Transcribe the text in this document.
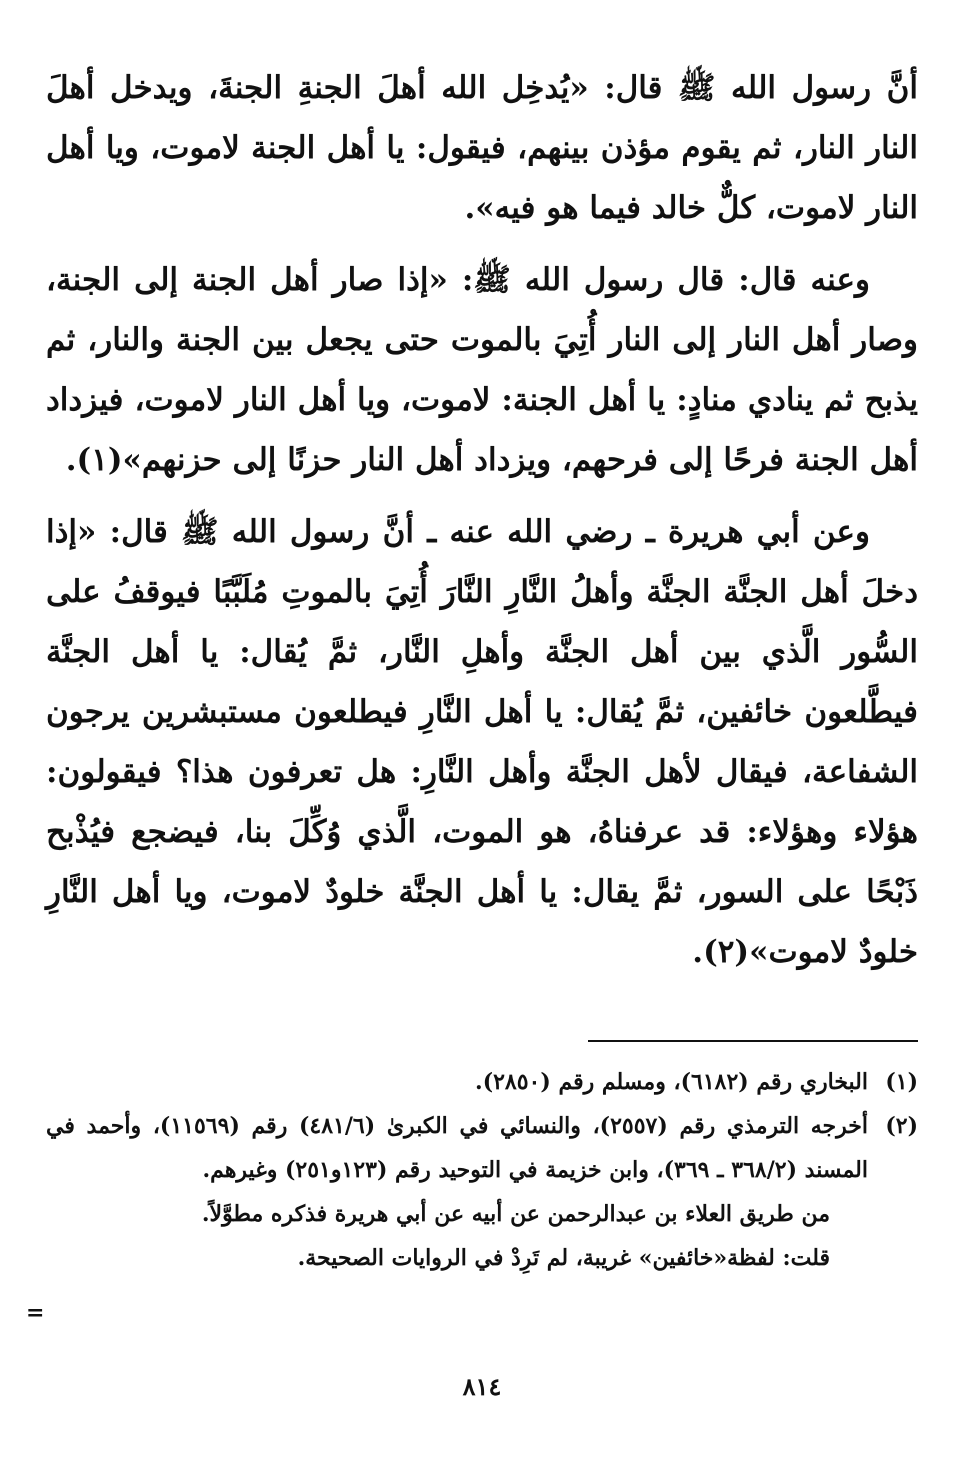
أنَّ رسول الله ﷺ قال: «يُدخِل الله أهلَ الجنةِ الجنةَ، ويدخل أهلَ النار النار، ثم يقوم مؤذن بينهم، فيقول: يا أهل الجنة لاموت، ويا أهل النار لاموت، كلٌّ خالد فيما هو فيه».

وعنه قال: قال رسول الله ﷺ: «إذا صار أهل الجنة إلى الجنة، وصار أهل النار إلى النار أُتِيَ بالموت حتى يجعل بين الجنة والنار، ثم يذبح ثم ينادي منادٍ: يا أهل الجنة: لاموت، ويا أهل النار لاموت، فيزداد أهل الجنة فرحًا إلى فرحهم، ويزداد أهل النار حزنًا إلى حزنهم»(١).

وعن أبي هريرة ـ رضي الله عنه ـ أنَّ رسول الله ﷺ قال: «إذا دخلَ أهل الجنَّة الجنَّة وأهلُ النَّارِ النَّارَ أُتِيَ بالموتِ مُلَبَّبًا فيوقفُ على السُّور الَّذي بين أهل الجنَّة وأهلِ النَّار، ثمَّ يُقال: يا أهل الجنَّة فيطَّلعون خائفين، ثمَّ يُقال: يا أهل النَّارِ فيطلعون مستبشرين يرجون الشفاعة، فيقال لأهل الجنَّة وأهل النَّارِ: هل تعرفون هذا؟ فيقولون: هؤلاء وهؤلاء: قد عرفناهُ، هو الموت، الَّذي وُكِّلَ بنا، فيضجع فيُذْبح ذَبْحًا على السور، ثمَّ يقال: يا أهل الجنَّة خلودٌ لاموت، ويا أهل النَّارِ خلودٌ لاموت»(٢).

(١)
البخاري رقم (٦١٨٢)، ومسلم رقم (٢٨٥٠).
(٢)
أخرجه الترمذي رقم (٢٥٥٧)، والنسائي في الكبرىٰ (٤٨١/٦) رقم (١١٥٦٩)، وأحمد في المسند (٣٦٨/٢ ـ ٣٦٩)، وابن خزيمة في التوحيد رقم (١٢٣و٢٥١) وغيرهم.

من طريق العلاء بن عبدالرحمن عن أبيه عن أبي هريرة فذكره مطوَّلاً.

قلت: لفظة«خائفين» غريبة، لم تَرِدْ في الروايات الصحيحة.

=
٨١٤
